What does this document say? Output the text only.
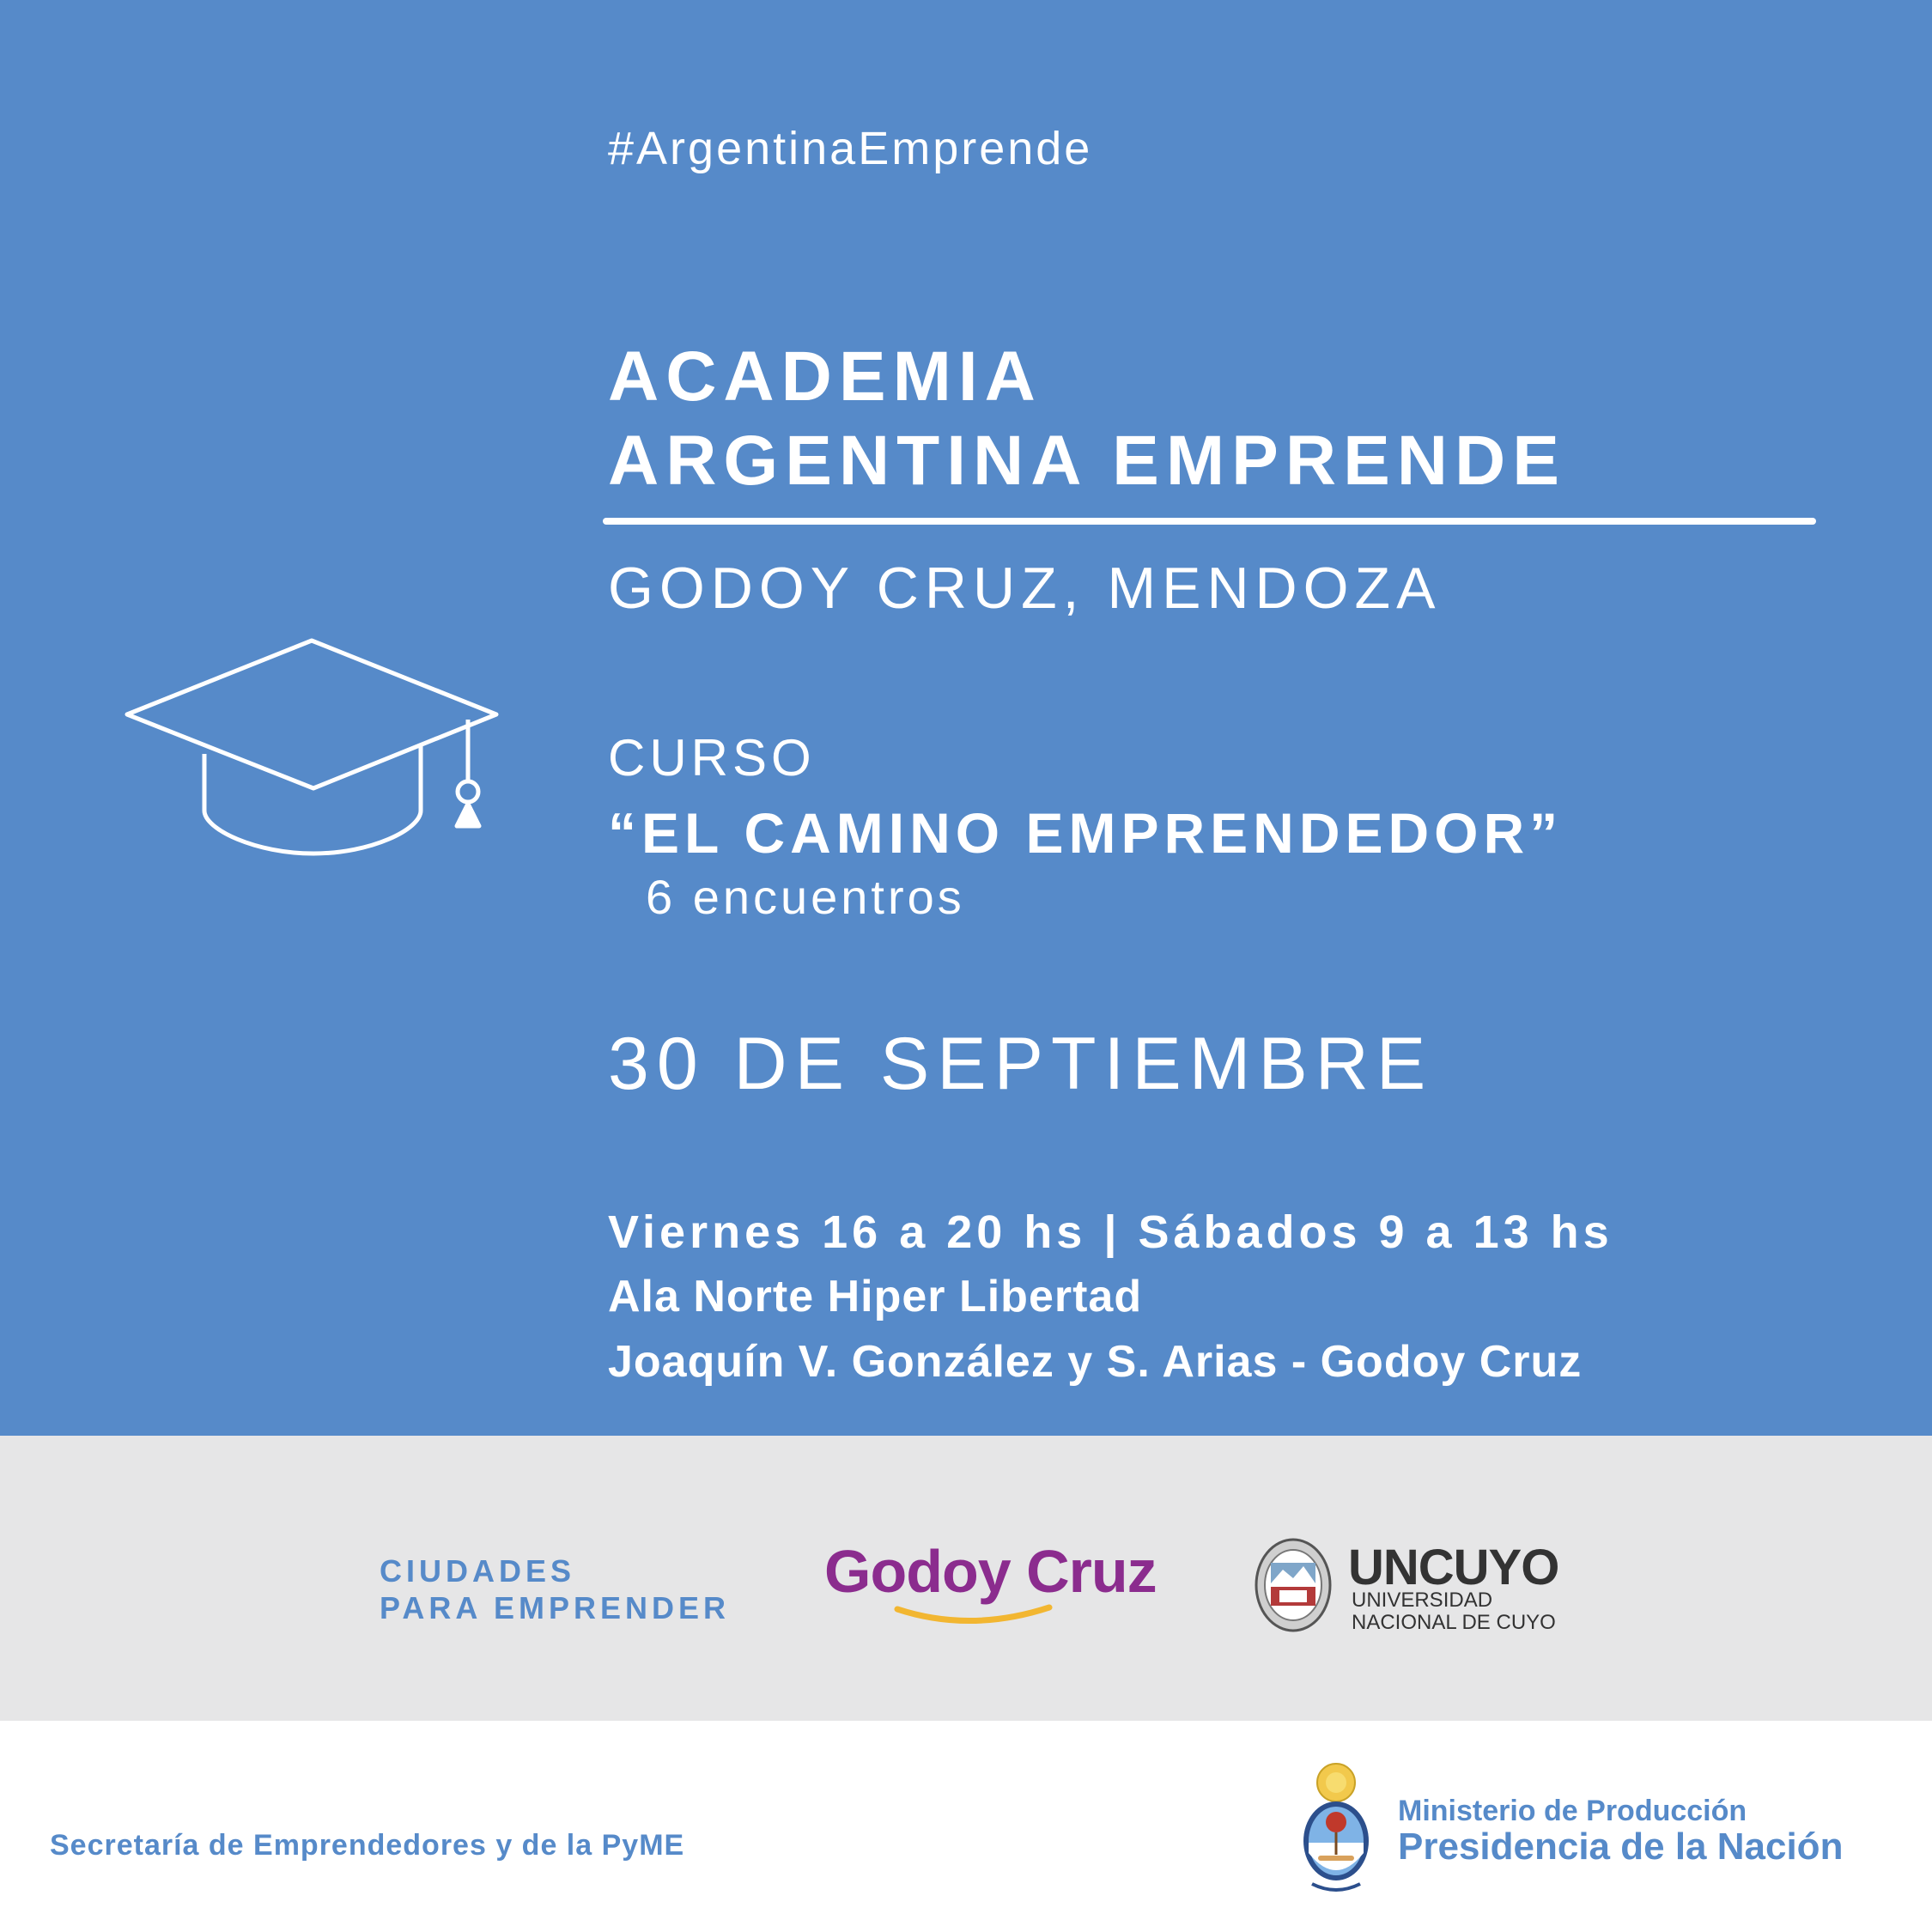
#ArgentinaEmprende

ACADEMIA

ARGENTINA EMPRENDE

GODOY CRUZ, MENDOZA

CURSO

“EL CAMINO EMPRENDEDOR”

6 encuentros

30 DE SEPTIEMBRE

Viernes 16 a 20 hs | Sábados 9 a 13 hs

Ala Norte Hiper Libertad

Joaquín V. González y S. Arias - Godoy Cruz

CIUDADES
PARA EMPRENDER
Godoy Cruz	UNCUYO
UNIVERSIDAD
NACIONAL DE CUYO
Secretaría de Emprendedores y de la PyME
Ministerio de Producción
Presidencia de la Nación
